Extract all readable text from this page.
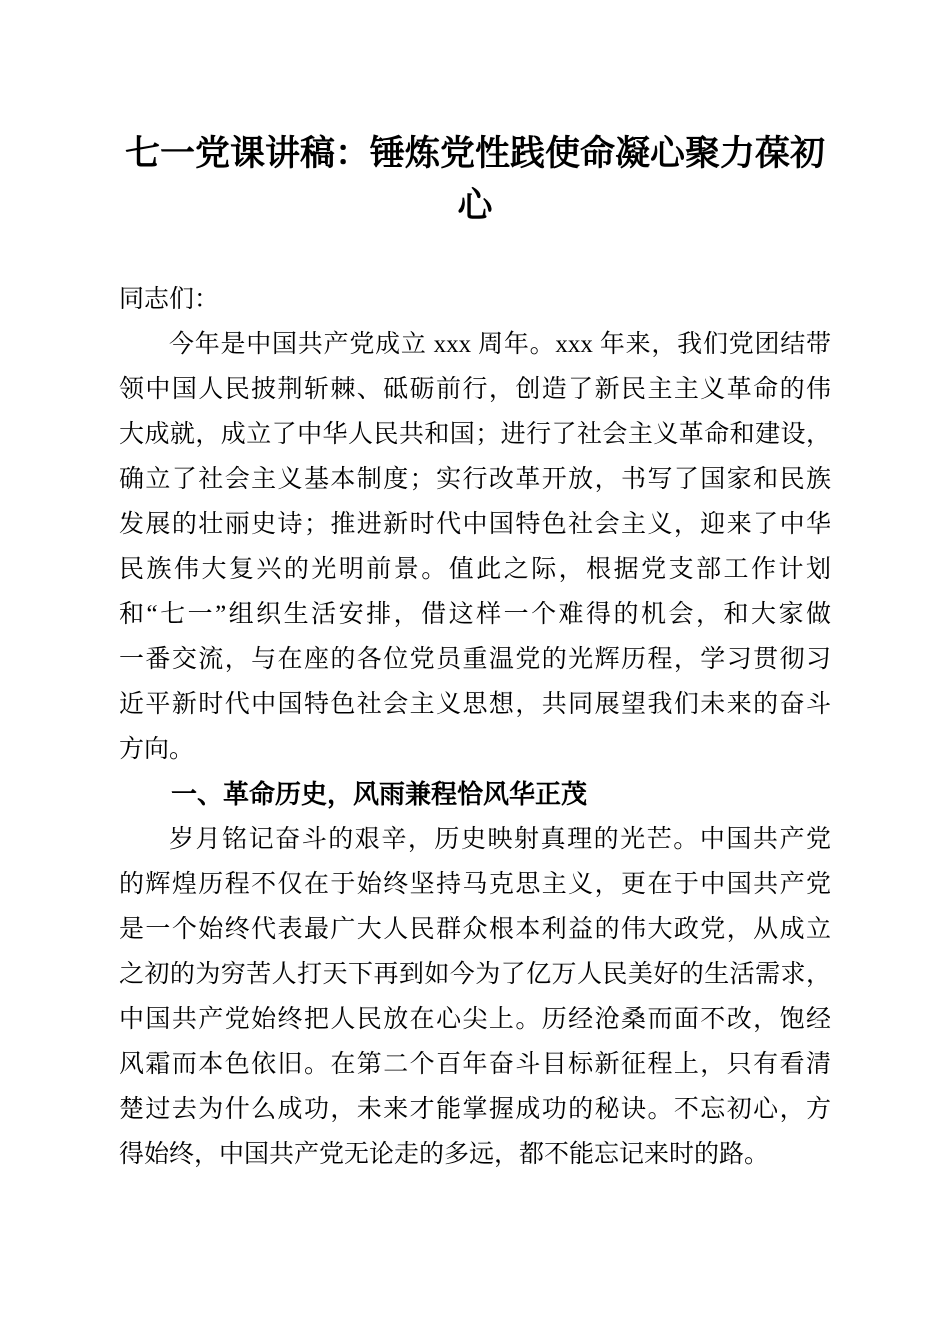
七一党课讲稿：锤炼党性践使命凝心聚力葆初心
同志们：
今年是中国共产党成立 xxx 周年。xxx 年来，我们党团结带
领中国人民披荆斩棘、砥砺前行，创造了新民主主义革命的伟
大成就，成立了中华人民共和国；进行了社会主义革命和建设，
确立了社会主义基本制度；实行改革开放，书写了国家和民族
发展的壮丽史诗；推进新时代中国特色社会主义，迎来了中华
民族伟大复兴的光明前景。值此之际，根据党支部工作计划
和“七一”组织生活安排，借这样一个难得的机会，和大家做
一番交流，与在座的各位党员重温党的光辉历程，学习贯彻习
近平新时代中国特色社会主义思想，共同展望我们未来的奋斗
方向。
一、革命历史，风雨兼程恰风华正茂
岁月铭记奋斗的艰辛，历史映射真理的光芒。中国共产党
的辉煌历程不仅在于始终坚持马克思主义，更在于中国共产党
是一个始终代表最广大人民群众根本利益的伟大政党，从成立
之初的为穷苦人打天下再到如今为了亿万人民美好的生活需求，
中国共产党始终把人民放在心尖上。历经沧桑而面不改，饱经
风霜而本色依旧。在第二个百年奋斗目标新征程上，只有看清
楚过去为什么成功，未来才能掌握成功的秘诀。不忘初心，方
得始终，中国共产党无论走的多远，都不能忘记来时的路。
